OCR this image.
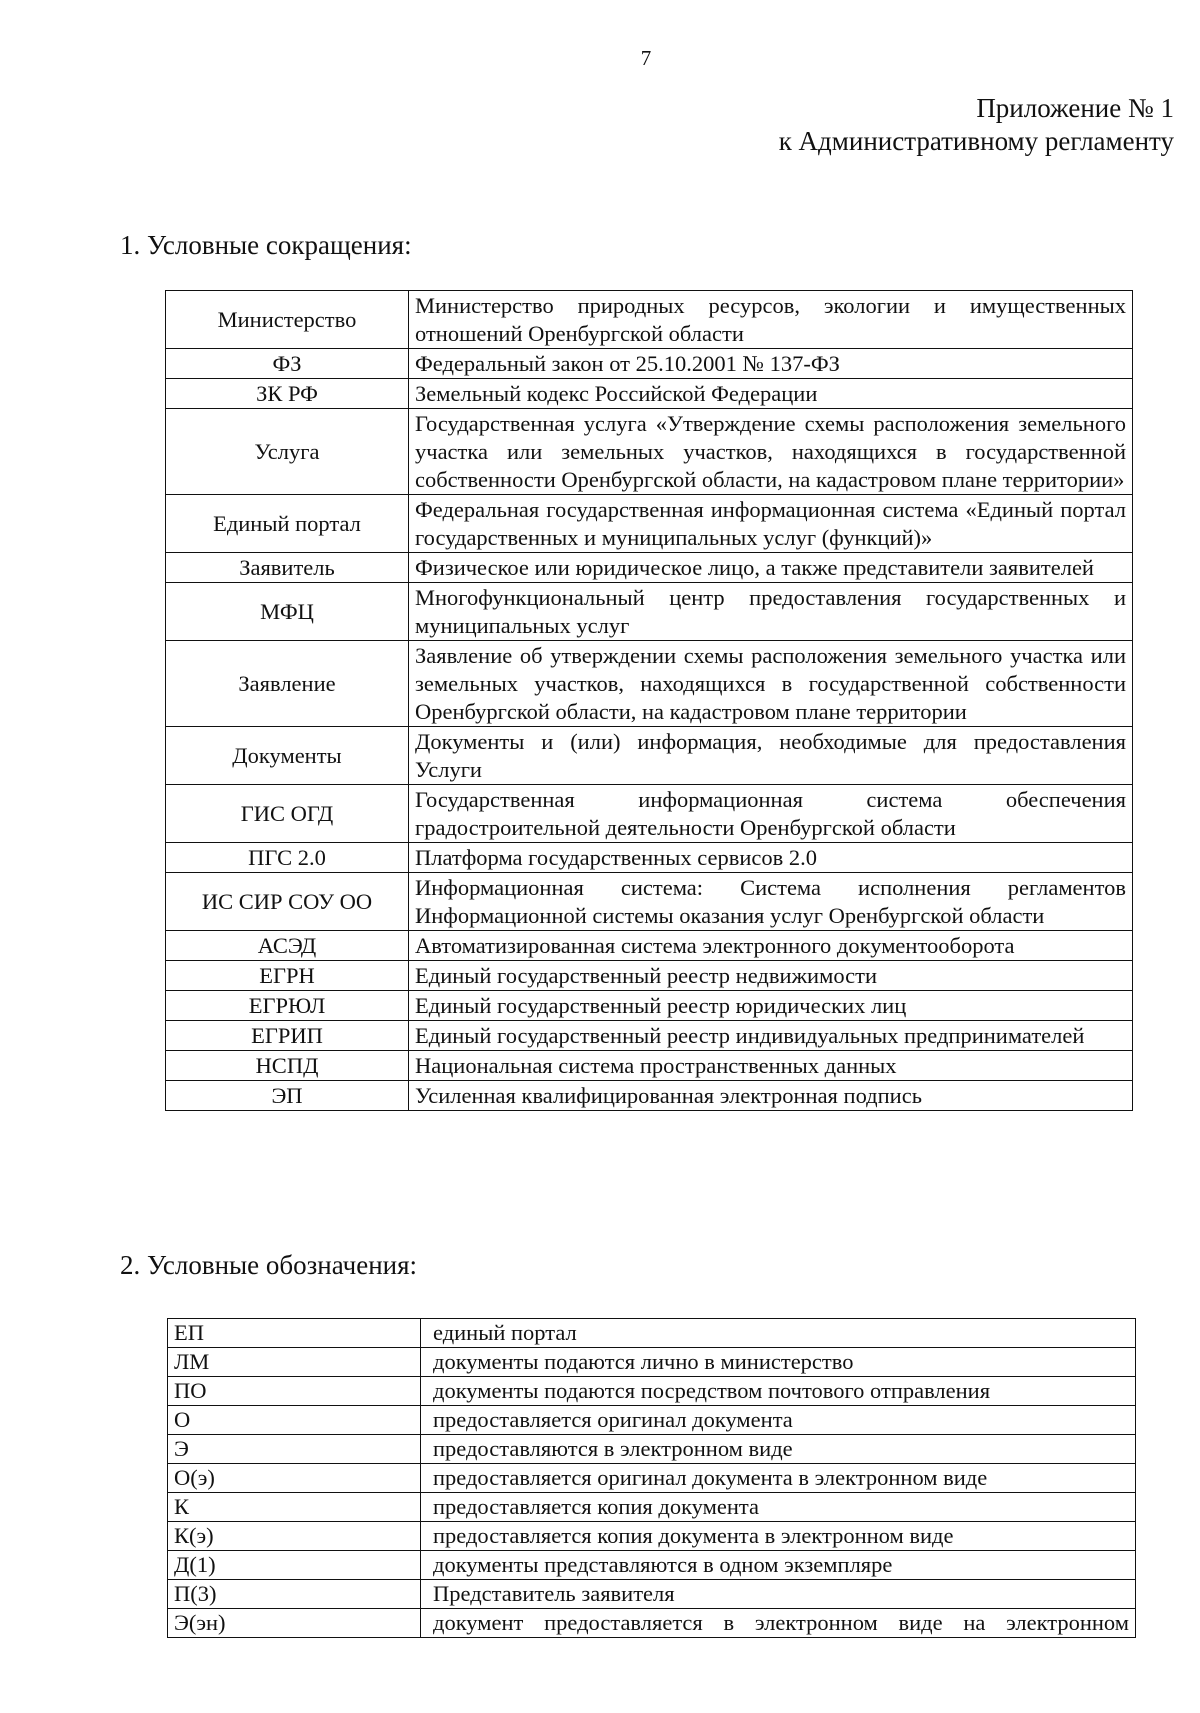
7
Приложение № 1
к Административному регламенту
1. Условные сокращения:
Министерство	Министерство природных ресурсов, экологии и имущественных отношений Оренбургской области
ФЗ	Федеральный закон от 25.10.2001 № 137-ФЗ
ЗК РФ	Земельный кодекс Российской Федерации
Услуга	Государственная услуга «Утверждение схемы расположения земельного участка или земельных участков, находящихся в государственной собственности Оренбургской области, на кадастровом плане территории»
Единый портал	Федеральная государственная информационная система «Единый портал государственных и муниципальных услуг (функций)»
Заявитель	Физическое или юридическое лицо, а также представители заявителей
МФЦ	Многофункциональный центр предоставления государственных и муниципальных услуг
Заявление	Заявление об утверждении схемы расположения земельного участка или земельных участков, находящихся в государственной собственности Оренбургской области, на кадастровом плане территории
Документы	Документы и (или) информация, необходимые для предоставления Услуги
ГИС ОГД	Государственная информационная система обеспечения градостроительной деятельности Оренбургской области
ПГС 2.0	Платформа государственных сервисов 2.0
ИС СИР СОУ ОО	Информационная система: Система исполнения регламентов Информационной системы оказания услуг Оренбургской области
АСЭД	Автоматизированная система электронного документооборота
ЕГРН	Единый государственный реестр недвижимости
ЕГРЮЛ	Единый государственный реестр юридических лиц
ЕГРИП	Единый государственный реестр индивидуальных предпринимателей
НСПД	Национальная система пространственных данных
ЭП	Усиленная квалифицированная электронная подпись
2. Условные обозначения:
ЕП	единый портал
ЛМ	документы подаются лично в министерство
ПО	документы подаются посредством почтового отправления
О	предоставляется оригинал документа
Э	предоставляются в электронном виде
О(э)	предоставляется оригинал документа в электронном виде
К	предоставляется копия документа
К(э)	предоставляется копия документа в электронном виде
Д(1)	документы представляются в одном экземпляре
П(3)	Представитель заявителя
Э(эн)	документ предоставляется в электронном виде на электронном
